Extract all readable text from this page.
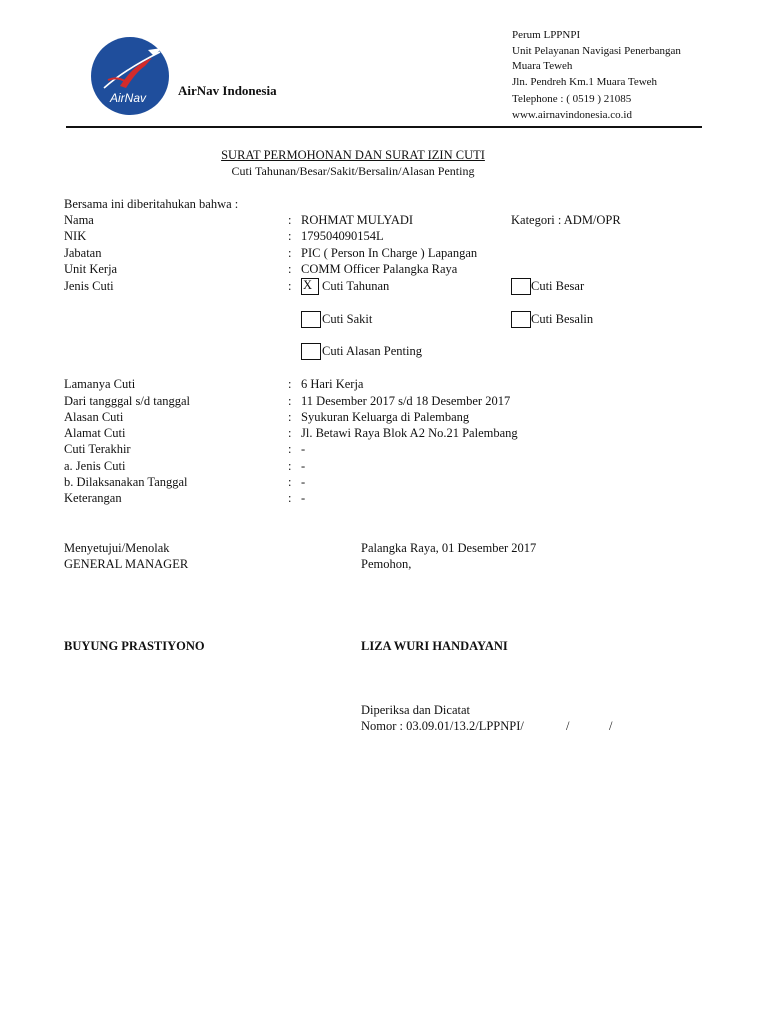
AirNav AirNav Indonesia
Perum LPPNPI
Unit Pelayanan Navigasi Penerbangan
Muara Teweh
Jln. Pendreh Km.1 Muara Teweh
Telephone : ( 0519 ) 21085
www.airnavindonesia.co.id
SURAT PERMOHONAN DAN SURAT IZIN CUTI
Cuti Tahunan/Besar/Sakit/Bersalin/Alasan Penting
Bersama ini diberitahukan bahwa :
Nama	: ROHMAT MULYADI	Kategori : ADM/OPR
NIK	: 179504090154L
Jabatan	: PIC ( Person In Charge ) Lapangan
Unit Kerja	: COMM Officer Palangka Raya
Jenis Cuti	: X Cuti Tahunan	Cuti Besar
Cuti Sakit	Cuti Besalin
Cuti Alasan Penting
Lamanya Cuti	: 6 Hari Kerja
Dari tangggal s/d tanggal	: 11 Desember 2017 s/d 18 Desember 2017
Alasan Cuti	: Syukuran Keluarga di Palembang
Alamat Cuti	: Jl. Betawi Raya Blok A2 No.21 Palembang
Cuti Terakhir	: -
a. Jenis Cuti	: -
b. Dilaksanakan Tanggal	: -
Keterangan	: -
Menyetujui/Menolak
GENERAL MANAGER
BUYUNG PRASTIYONO
Palangka Raya, 01 Desember 2017
Pemohon,
LIZA WURI HANDAYANI
Diperiksa dan Dicatat
Nomor : 03.09.01/13.2/LPPNPI/	/	/
